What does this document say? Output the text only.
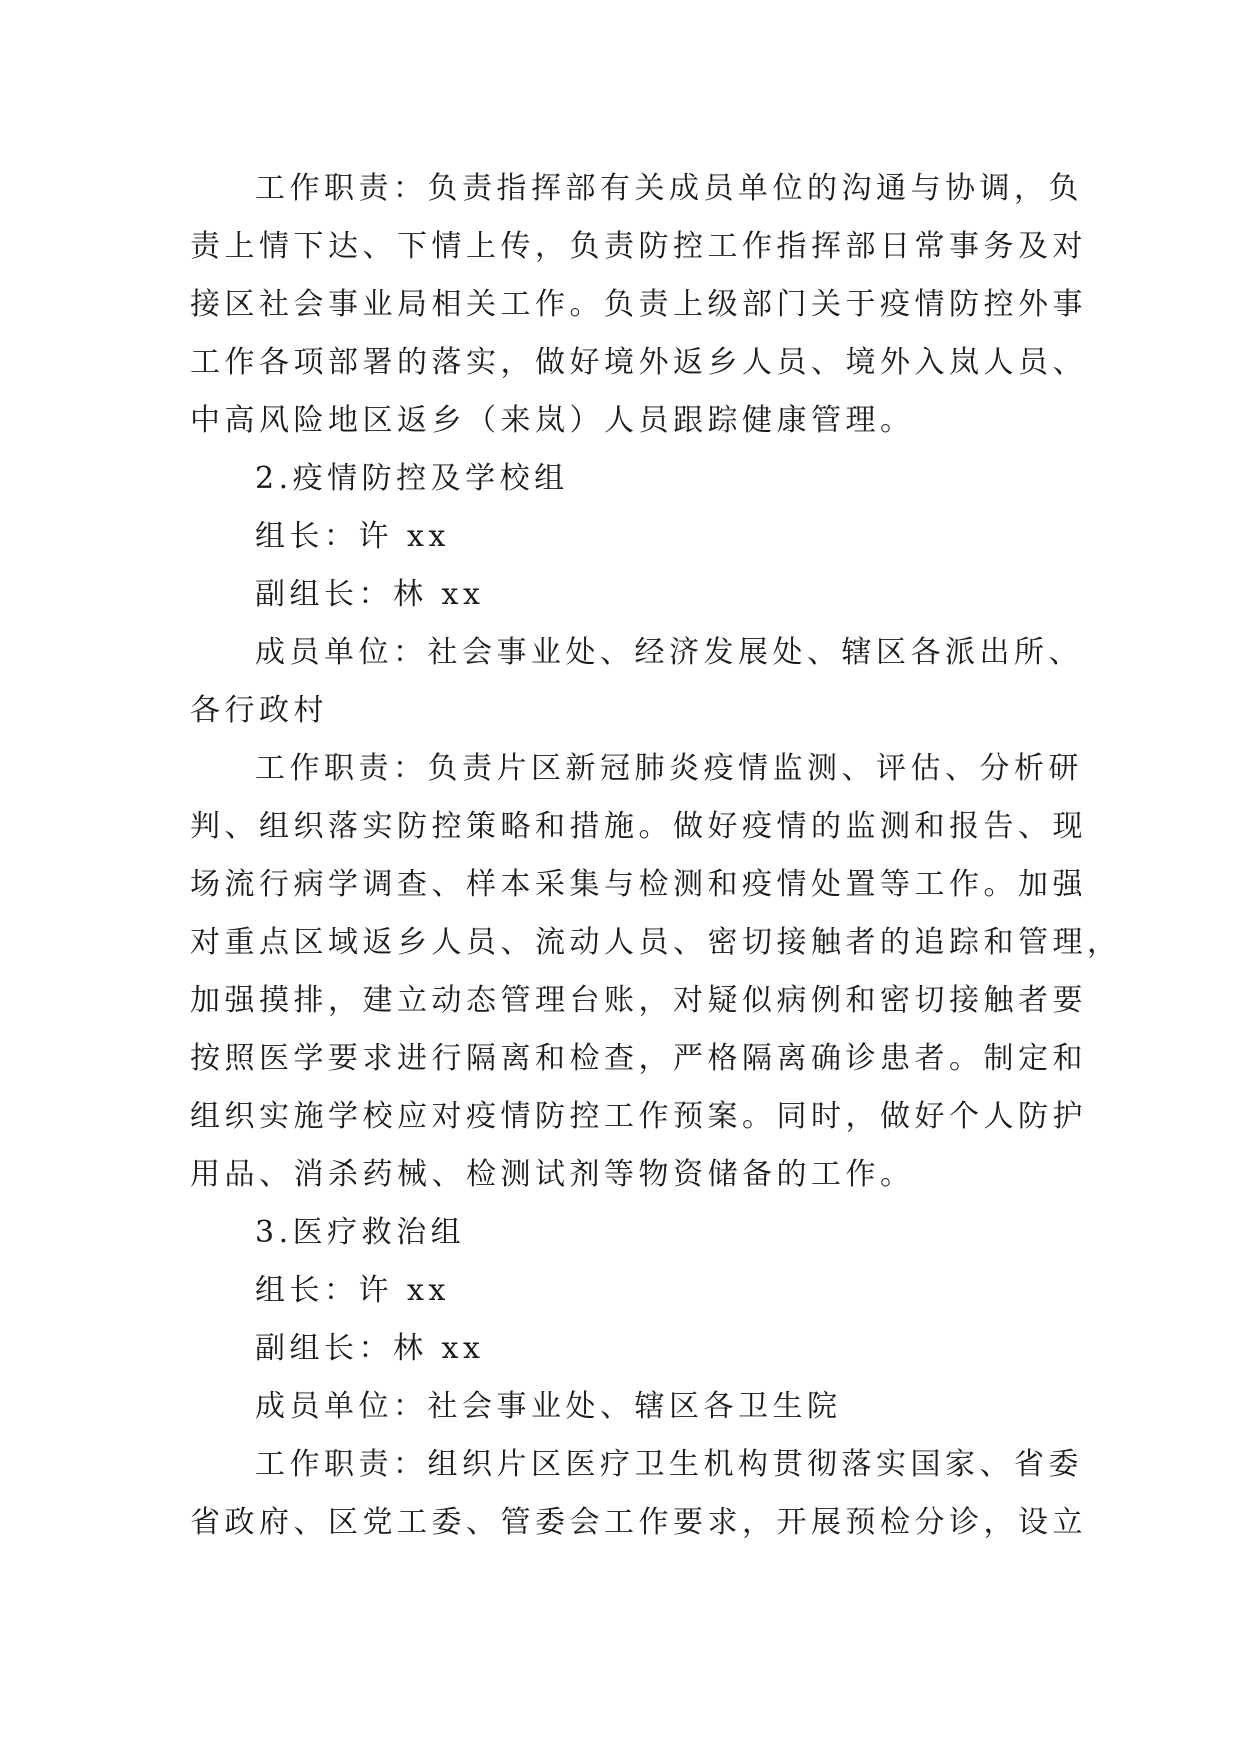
工作职责：负责指挥部有关成员单位的沟通与协调，负
责上情下达、下情上传，负责防控工作指挥部日常事务及对
接区社会事业局相关工作。负责上级部门关于疫情防控外事
工作各项部署的落实，做好境外返乡人员、境外入岚人员、
中高风险地区返乡（来岚）人员跟踪健康管理。
2.疫情防控及学校组
组长：许 xx
副组长：林 xx
成员单位：社会事业处、经济发展处、辖区各派出所、
各行政村
工作职责：负责片区新冠肺炎疫情监测、评估、分析研
判、组织落实防控策略和措施。做好疫情的监测和报告、现
场流行病学调查、样本采集与检测和疫情处置等工作。加强
对重点区域返乡人员、流动人员、密切接触者的追踪和管理，
加强摸排，建立动态管理台账，对疑似病例和密切接触者要
按照医学要求进行隔离和检查，严格隔离确诊患者。制定和
组织实施学校应对疫情防控工作预案。同时，做好个人防护
用品、消杀药械、检测试剂等物资储备的工作。
3.医疗救治组
组长：许 xx
副组长：林 xx
成员单位：社会事业处、辖区各卫生院
工作职责：组织片区医疗卫生机构贯彻落实国家、省委
省政府、区党工委、管委会工作要求，开展预检分诊，设立
